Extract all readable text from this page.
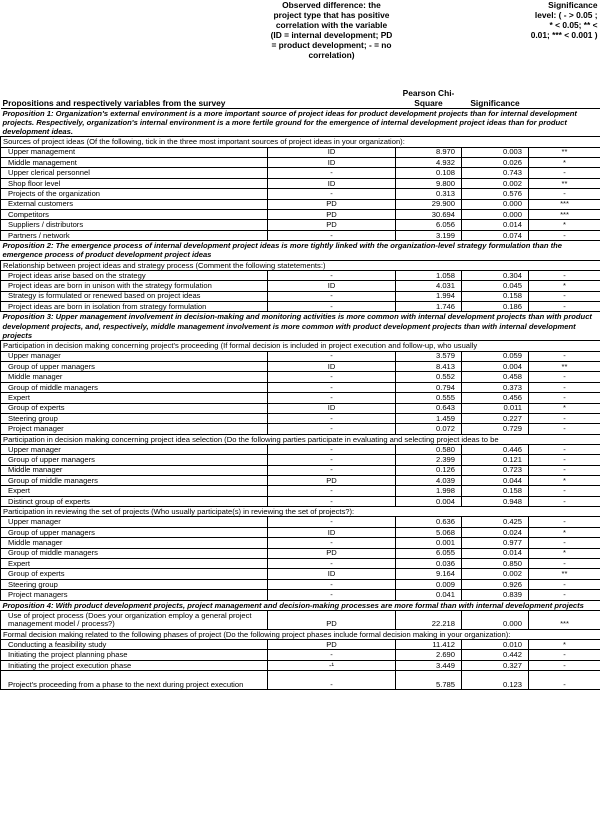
Propositions and respectively variables from the survey	Observed difference: the project type that has positive correlation with the variable (ID = internal development; PD = product development; - = no correlation)	Pearson Chi-Square	Significance	Significance level: ( - > 0.05 ; * < 0.05; ** < 0.01; *** < 0.001 )
Proposition 1: Organization's external environment is a more important source of project ideas for product development projects than for internal development projects. Respectively, organization's internal environment is a more fertile ground for the emergence of internal development project ideas than for product development ideas.				
Sources of project ideas (Of the following, tick in the three most important sources of project ideas in your organization):				
Upper management	ID	8.970	0.003	**
Middle management	ID	4.932	0.026	*
Upper clerical personnel	-	0.108	0.743	-
Shop floor level	ID	9.800	0.002	**
Projects of the organization	-	0.313	0.576	-
External customers	PD	29.900	0.000	***
Competitors	PD	30.694	0.000	***
Suppliers / distributors	PD	6.056	0.014	*
Partners / network	-	3.199	0.074	-
Proposition 2: The emergence process of internal development project ideas is more tightly linked with the organization-level strategy formulation than the emergence process of product development project ideas				
Relationship between project ideas and strategy process (Comment the following statetements:)				
Project ideas arise based on the strategy	-	1.058	0.304	-
Project ideas are born in unison with the strategy formulation	ID	4.031	0.045	*
Strategy is formulated or renewed based on project ideas	-	1.994	0.158	-
Project ideas are born in isolation from strategy formulation	-	1.746	0.186	-
Proposition 3: Upper management involvement in decision-making and monitoring activities is more common with internal development projects than with product development projects, and, respectively, middle management involvement is more common with product development projects than with internal development projects				
Participation in decision making concerning project's proceeding (If formal decision is included in project execution and follow-up, who usually				
Upper manager	-	3.579	0.059	-
Group of upper managers	ID	8.413	0.004	**
Middle manager	-	0.552	0.458	-
Group of middle managers	-	0.794	0.373	-
Expert	-	0.555	0.456	-
Group of experts	ID	0.643	0.011	*
Steering group	-	1.459	0.227	-
Project manager	-	0.072	0.729	-
Participation in decision making concerning project idea selection (Do the following parties participate in evaluating and selecting project ideas to be				
Upper manager	-	0.580	0.446	-
Group of upper managers	-	2.399	0.121	-
Middle manager	-	0.126	0.723	-
Group of middle managers	PD	4.039	0.044	*
Expert	-	1.998	0.158	-
Distinct group of experts	-	0.004	0.948	-
Participation in reviewing the set of projects (Who usually participate(s) in reviewing the set of projects?):				
Upper manager	-	0.636	0.425	-
Group of upper managers	ID	5.068	0.024	*
Middle manager	-	0.001	0.977	-
Group of middle managers	PD	6.055	0.014	*
Expert	-	0.036	0.850	-
Group of experts	ID	9.164	0.002	**
Steering group	-	0.009	0.926	-
Project managers	-	0.041	0.839	-
Proposition 4: With product development projects, project management and decision-making processes are more formal than with internal development projects				
Use of project process (Does your organization employ a general project management model / process?)	PD	22.218	0.000	***
Formal decision making related to the following phases of project (Do the following project phases include formal decision making in your organization):				
Conducting a feasibility study	PD	11.412	0.010	*
Initiating the project planning phase	-	2.690	0.442	-
Initiating the project execution phase	-¹	3.449	0.327	-
Project's proceeding from a phase to the next during project execution	-	5.785	0.123	-
